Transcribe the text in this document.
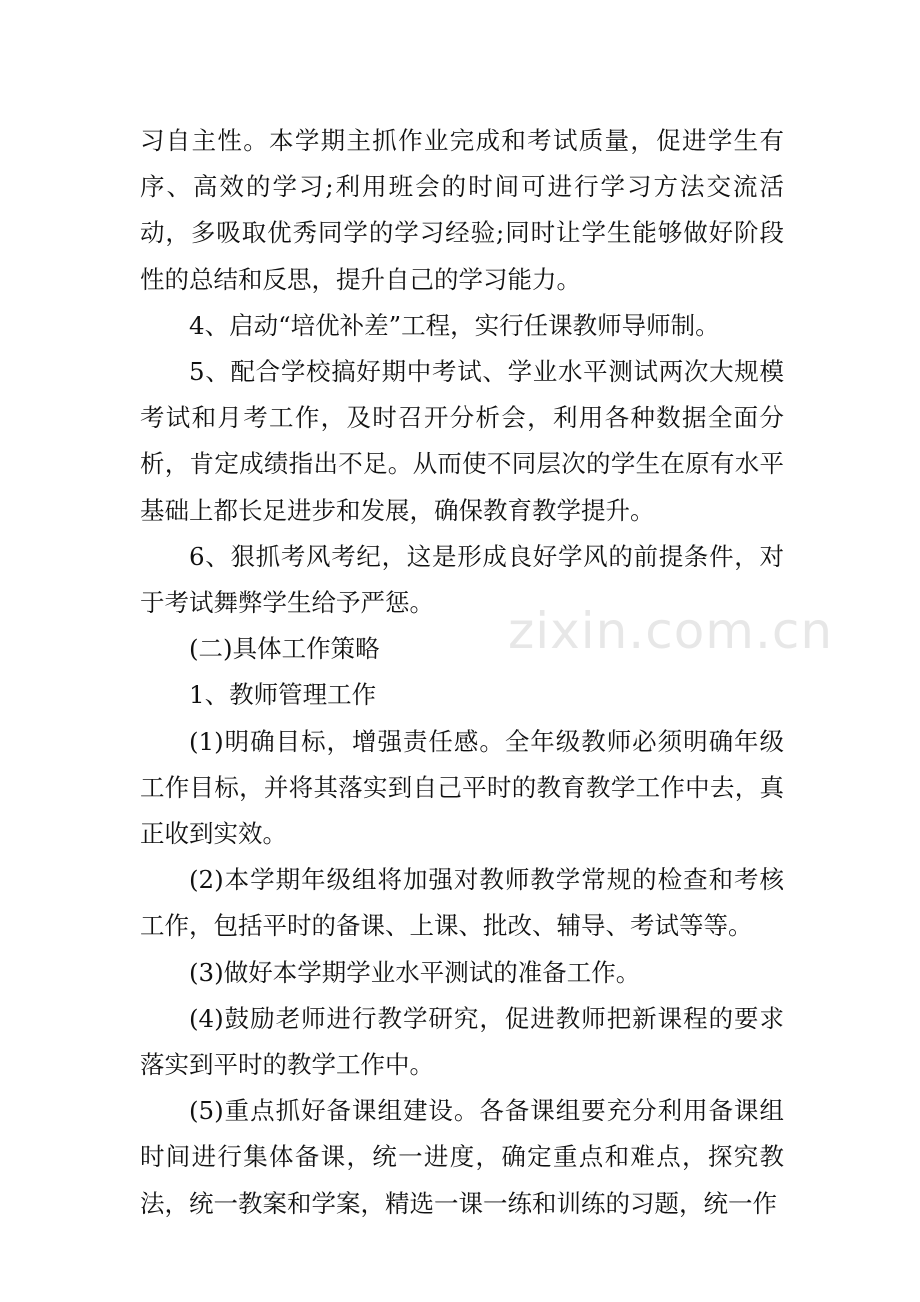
习自主性。本学期主抓作业完成和考试质量，促进学生有序、高效的学习;利用班会的时间可进行学习方法交流活动，多吸取优秀同学的学习经验;同时让学生能够做好阶段性的总结和反思，提升自己的学习能力。

4、启动“培优补差”工程，实行任课教师导师制。

5、配合学校搞好期中考试、学业水平测试两次大规模考试和月考工作，及时召开分析会，利用各种数据全面分析，肯定成绩指出不足。从而使不同层次的学生在原有水平基础上都长足进步和发展，确保教育教学提升。

6、狠抓考风考纪，这是形成良好学风的前提条件，对于考试舞弊学生给予严惩。

(二)具体工作策略

1、教师管理工作

(1)明确目标，增强责任感。全年级教师必须明确年级工作目标，并将其落实到自己平时的教育教学工作中去，真正收到实效。

(2)本学期年级组将加强对教师教学常规的检查和考核工作，包括平时的备课、上课、批改、辅导、考试等等。

(3)做好本学期学业水平测试的准备工作。

(4)鼓励老师进行教学研究，促进教师把新课程的要求落实到平时的教学工作中。

(5)重点抓好备课组建设。各备课组要充分利用备课组时间进行集体备课，统一进度，确定重点和难点，探究教法，统一教案和学案，精选一课一练和训练的习题，统一作

zixin.com.cn
